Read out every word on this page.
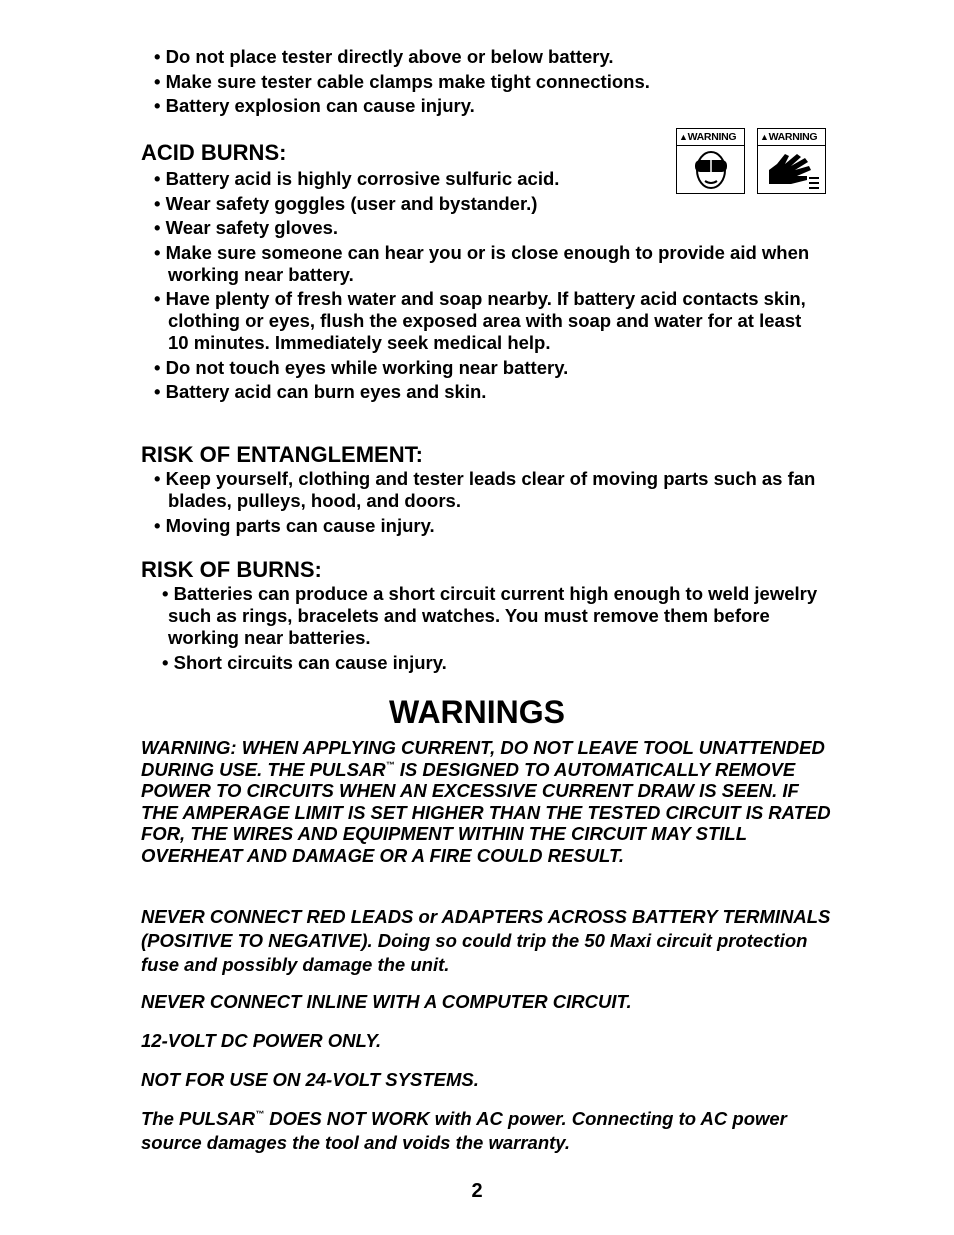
• Do not place tester directly above or below battery.

• Make sure tester cable clamps make tight connections.

• Battery explosion can cause injury.

ACID BURNS:
▲ WARNING	▲ WARNING

• Battery acid is highly corrosive sulfuric acid.

• Wear safety goggles (user and bystander.)

• Wear safety gloves.

• Make sure someone can hear you or is close enough to provide aid when working near battery.

• Have plenty of fresh water and soap nearby. If battery acid contacts skin, clothing or eyes, flush the exposed area with soap and water for at least 10 minutes. Immediately seek medical help.

• Do not touch eyes while working near battery.

• Battery acid can burn eyes and skin.

RISK OF ENTANGLEMENT:

• Keep yourself, clothing and tester leads clear of moving parts such as fan blades, pulleys, hood, and doors.

• Moving parts can cause injury.

RISK OF BURNS:

• Batteries can produce a short circuit current high enough to weld jewelry such as rings, bracelets and watches. You must remove them before working near batteries.

• Short circuits can cause injury.

WARNINGS

WARNING: WHEN APPLYING CURRENT, DO NOT LEAVE TOOL UNATTENDED DURING USE. THE PULSAR™ IS DESIGNED TO AUTOMATICALLY REMOVE POWER TO CIRCUITS WHEN AN EXCESSIVE CURRENT DRAW IS SEEN. IF THE AMPERAGE LIMIT IS SET HIGHER THAN THE TESTED CIRCUIT IS RATED FOR, THE WIRES AND EQUIPMENT WITHIN THE CIRCUIT MAY STILL OVERHEAT AND DAMAGE OR A FIRE COULD RESULT.

NEVER CONNECT RED LEADS or ADAPTERS ACROSS BATTERY TERMINALS (POSITIVE TO NEGATIVE). Doing so could trip the 50 Maxi circuit protection fuse and possibly damage the unit.

NEVER CONNECT INLINE WITH A COMPUTER CIRCUIT.

12-VOLT DC POWER ONLY.

NOT FOR USE ON 24-VOLT SYSTEMS.

The PULSAR™ DOES NOT WORK with AC power. Connecting to AC power source damages the tool and voids the warranty.

2
